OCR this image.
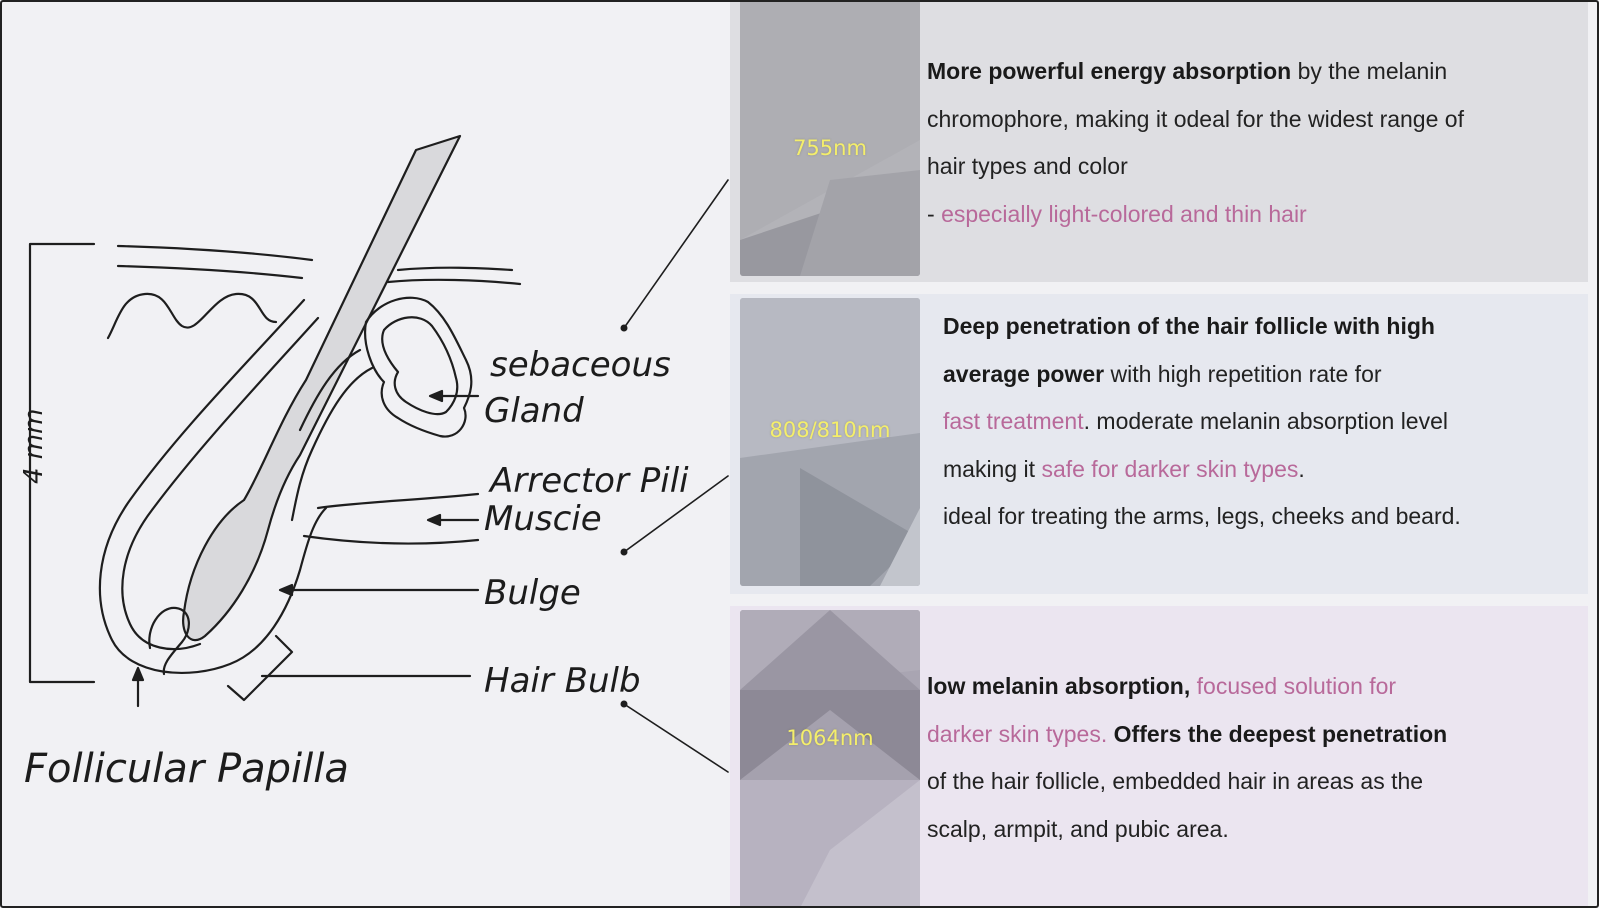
sebaceous
Gland
Arrector Pili
Muscie
Bulge
Hair Bulb
Follicular Papilla
4 mm
755nm
More powerful energy absorption by the melanin
chromophore, making it odeal for the widest range of
hair types and color
- especially light-colored and thin hair
808/810nm
Deep penetration of the hair follicle with high
average power with high repetition rate for
fast treatment. moderate melanin absorption level
making it safe for darker skin types.
ideal for treating the arms, legs, cheeks and beard.
1064nm
low melanin absorption, focused solution for
darker skin types. Offers the deepest penetration
of the hair follicle, embedded hair in areas as the
scalp, armpit, and pubic area.
